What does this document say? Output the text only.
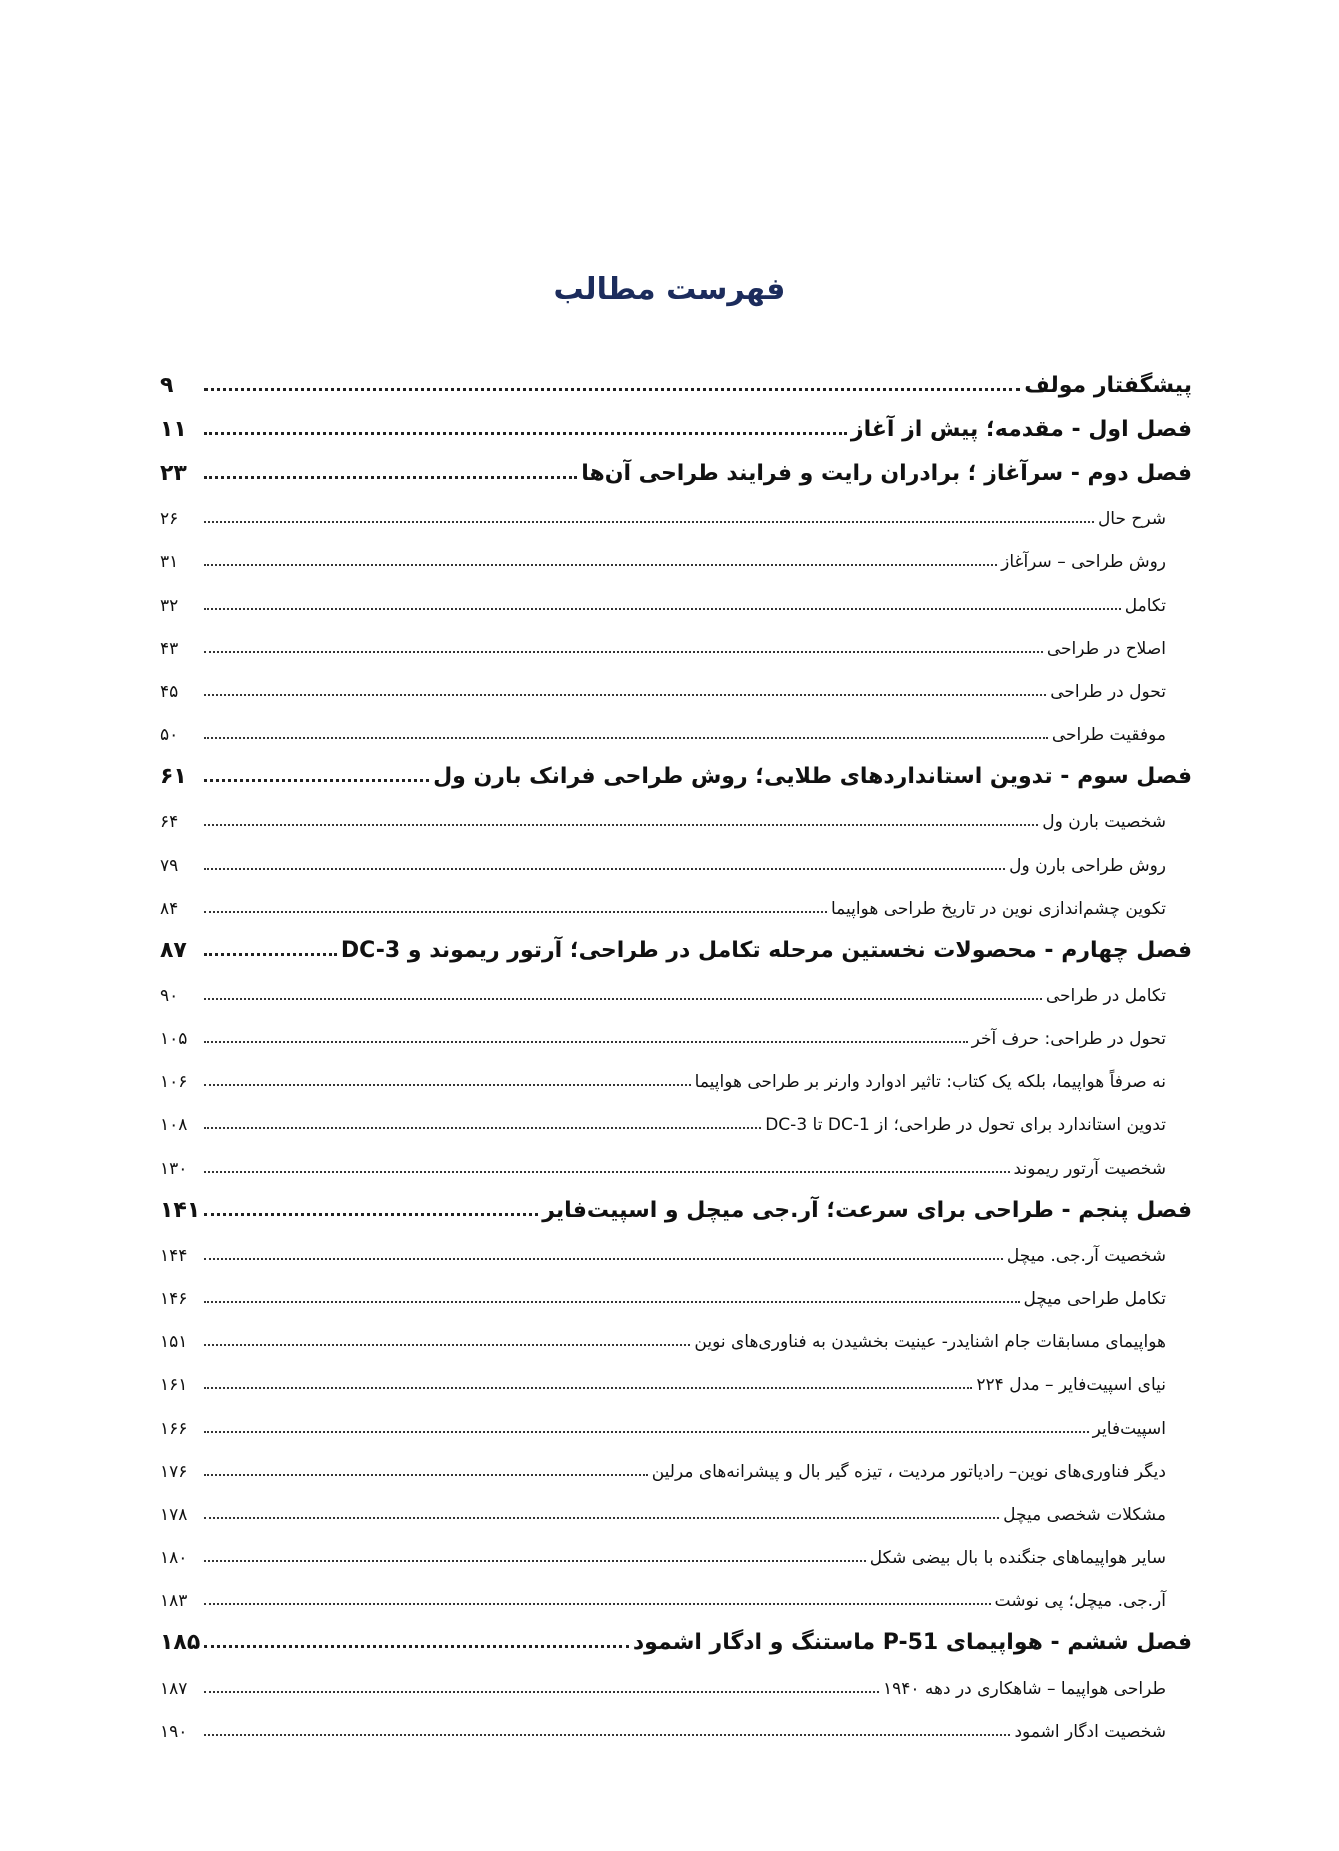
فهرست مطالب
پیشگفتار مولف
۹
فصل اول - مقدمه؛ پیش از آغاز
۱۱
فصل دوم - سرآغاز ؛ برادران رایت و فرایند طراحی آن‌ها
۲۳
شرح حال
۲۶
روش طراحی – سرآغاز
۳۱
تکامل
۳۲
اصلاح در طراحی
۴۳
تحول در طراحی
۴۵
موفقیت طراحی
۵۰
فصل سوم - تدوین استانداردهای طلایی؛ روش طراحی فرانک بارن ول
۶۱
شخصیت بارن ول
۶۴
روش طراحی بارن ول
۷۹
تکوین چشم‌اندازی نوین در تاریخ طراحی هواپیما
۸۴
فصل چهارم - محصولات نخستین مرحله تکامل در طراحی؛ آرتور ریموند و DC-3
۸۷
تکامل در طراحی
۹۰
تحول در طراحی: حرف آخر
۱۰۵
نه صرفاً هواپیما، بلکه یک کتاب: تاثیر ادوارد وارنر بر طراحی هواپیما
۱۰۶
تدوین استاندارد برای تحول در طراحی؛ از DC-1 تا DC-3
۱۰۸
شخصیت آرتور ریموند
۱۳۰
فصل پنجم - طراحی برای سرعت؛ آر.جی میچل و اسپیت‌فایر
۱۴۱
شخصیت آر.جی. میچل
۱۴۴
تکامل طراحی میچل
۱۴۶
هواپیمای مسابقات جام اشنایدر- عینیت بخشیدن به فناوری‌های نوین
۱۵۱
نیای اسپیت‌فایر – مدل ۲۲۴
۱۶۱
اسپیت‌فایر
۱۶۶
دیگر فناوری‌های نوین– رادیاتور مردیت ، تیزه گیر بال و پیشرانه‌های مرلین
۱۷۶
مشکلات شخصی میچل
۱۷۸
سایر هواپیماهای جنگنده با بال بیضی شکل
۱۸۰
آر.جی. میچل؛ پی نوشت
۱۸۳
فصل ششم - هواپیمای P-51 ماستنگ و ادگار اشمود
۱۸۵
طراحی هواپیما – شاهکاری در دهه ۱۹۴۰
۱۸۷
شخصیت ادگار اشمود
۱۹۰
